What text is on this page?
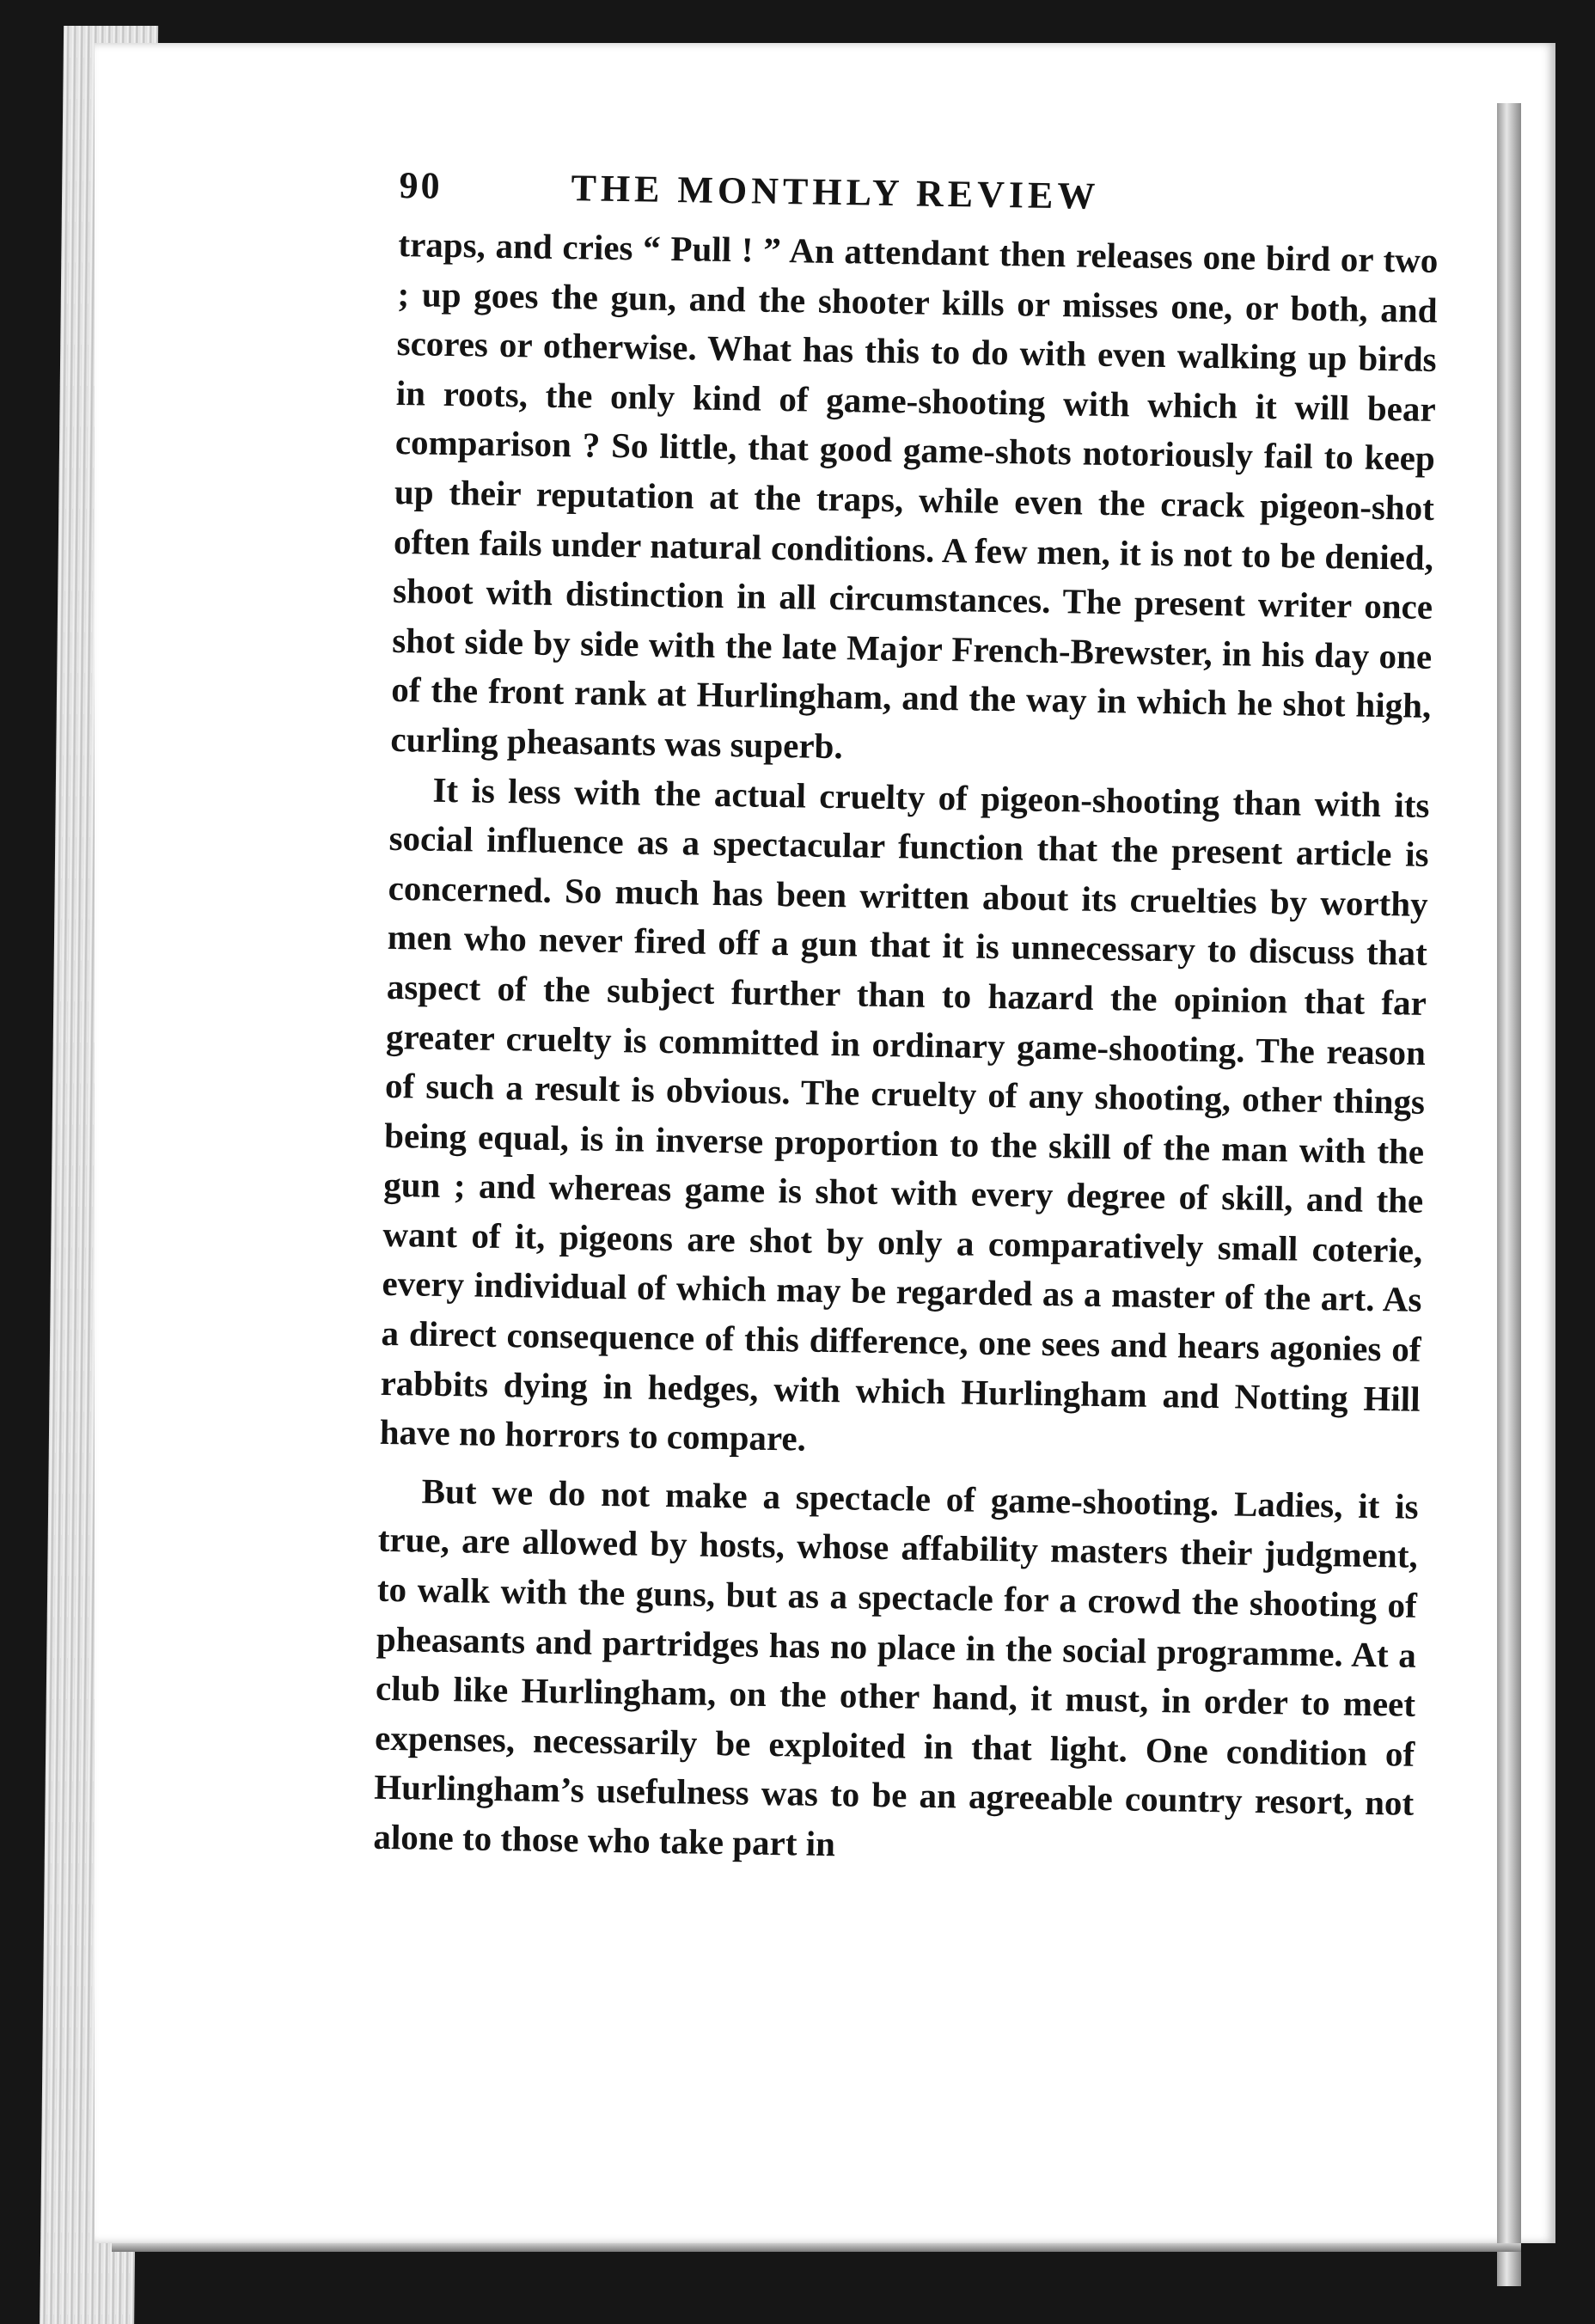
90	THE MONTHLY REVIEW

traps, and cries “ Pull ! ” An attendant then releases one bird or two ; up goes the gun, and the shooter kills or misses one, or both, and scores or otherwise. What has this to do with even walking up birds in roots, the only kind of game-shooting with which it will bear comparison ? So little, that good game-shots notoriously fail to keep up their reputation at the traps, while even the crack pigeon-shot often fails under natural conditions. A few men, it is not to be denied, shoot with distinction in all circumstances. The present writer once shot side by side with the late Major French-Brewster, in his day one of the front rank at Hurlingham, and the way in which he shot high, curling pheasants was superb.

It is less with the actual cruelty of pigeon-shooting than with its social influence as a spectacular function that the present article is concerned. So much has been written about its cruelties by worthy men who never fired off a gun that it is unnecessary to discuss that aspect of the subject further than to hazard the opinion that far greater cruelty is committed in ordinary game-shooting. The reason of such a result is obvious. The cruelty of any shooting, other things being equal, is in inverse proportion to the skill of the man with the gun ; and whereas game is shot with every degree of skill, and the want of it, pigeons are shot by only a comparatively small coterie, every individual of which may be regarded as a master of the art. As a direct consequence of this difference, one sees and hears agonies of rabbits dying in hedges, with which Hurlingham and Notting Hill have no horrors to compare.

But we do not make a spectacle of game-shooting. Ladies, it is true, are allowed by hosts, whose affability masters their judgment, to walk with the guns, but as a spectacle for a crowd the shooting of pheasants and partridges has no place in the social programme. At a club like Hurlingham, on the other hand, it must, in order to meet expenses, necessarily be exploited in that light. One condition of Hurlingham’s usefulness was to be an agreeable country resort, not alone to those who take part in
